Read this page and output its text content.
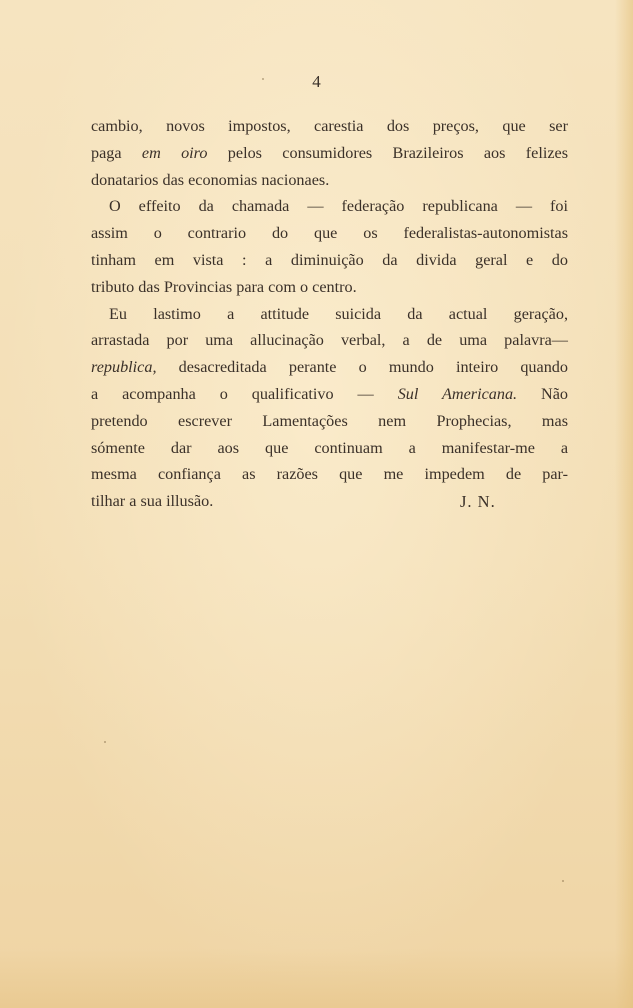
4
cambio, novos impostos, carestia dos preços, que ser
paga em oiro pelos consumidores Brazileiros aos felizes
donatarios das economias nacionaes.
O effeito da chamada — federação republicana — foi
assim o contrario do que os federalistas-autonomistas
tinham em vista : a diminuição da divida geral e do
tributo das Provincias para com o centro.
Eu lastimo a attitude suicida da actual geração,
arrastada por uma allucinação verbal, a de uma palavra—
republica, desacreditada perante o mundo inteiro quando
a acompanha o qualificativo — Sul Americana. Não
pretendo escrever Lamentações nem Prophecias, mas
sómente dar aos que continuam a manifestar-me a
mesma confiança as razões que me impedem de par-
tilhar a sua illusão.	J. N.
